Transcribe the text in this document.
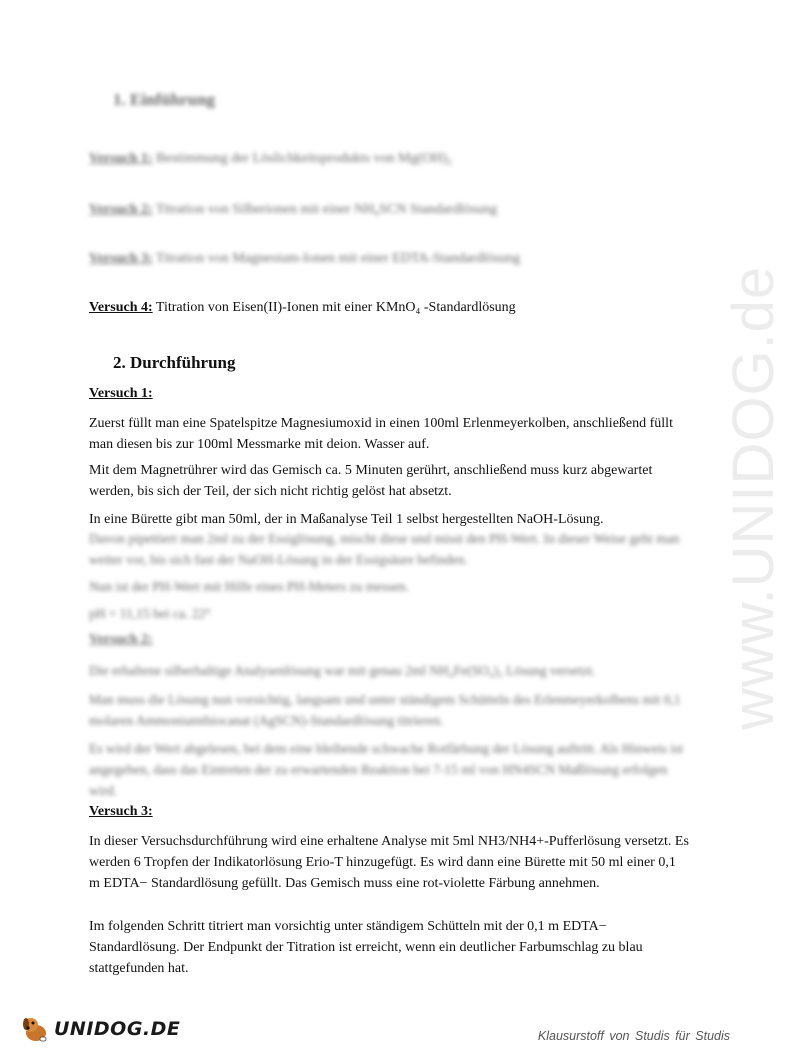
www.UNIDOG.de
1. Einführung
Versuch 1: Bestimmung der Löslichkeitsprodukts von Mg(OH)₂
Versuch 2: Titration von Silberionen mit einer NH₄SCN Standardlösung
Versuch 3: Titration von Magnesium-Ionen mit einer EDTA-Standardlösung
Versuch 4: Titration von Eisen(II)-Ionen mit einer KMnO₄ -Standardlösung
2. Durchführung
Versuch 1:
Zuerst füllt man eine Spatelspitze Magnesiumoxid in einen 100ml Erlenmeyerkolben, anschließend füllt man diesen bis zur 100ml Messmarke mit deion. Wasser auf.
Mit dem Magnetrührer wird das Gemisch ca. 5 Minuten gerührt, anschließend muss kurz abgewartet werden, bis sich der Teil, der sich nicht richtig gelöst hat absetzt.
In eine Bürette gibt man 50ml, der in Maßanalyse Teil 1 selbst hergestellten NaOH-Lösung.
Davon pipettiert man 2ml zu der Essiglösung, mischt diese und misst den PH-Wert. In dieser Weise geht man weiter vor, bis sich fast der NaOH-Lösung in der Essigsäure befinden.
Nun ist der PH-Wert mit Hilfe eines PH-Meters zu messen.
pH = 11,15 bei ca. 22°
Versuch 2:
Die erhaltene silberhaltige Analysenlösung war mit genau 2ml NH₄Fe(SO₄)₂ Lösung versetzt.
Man muss die Lösung nun vorsichtig, langsam und unter ständigem Schütteln des Erlenmeyerkolbens mit 0,1 molaren Ammoniumthiocanat (AgSCN)-Standardlösung titrieren.
Es wird der Wert abgelesen, bei dem eine bleibende schwache Rotfärbung der Lösung auftritt. Als Hinweis ist angegeben, dass das Eintreten der zu erwartenden Reaktion bei 7-15 ml von HN4SCN Maßlösung erfolgen wird.
Versuch 3:
In dieser Versuchsdurchführung wird eine erhaltene Analyse mit 5ml NH3/NH4+-Pufferlösung versetzt. Es werden 6 Tropfen der Indikatorlösung Erio-T hinzugefügt. Es wird dann eine Bürette mit 50 ml einer 0,1 m EDTA− Standardlösung gefüllt. Das Gemisch muss eine rot-violette Färbung annehmen.
Im folgenden Schritt titriert man vorsichtig unter ständigem Schütteln mit der 0,1 m EDTA− Standardlösung. Der Endpunkt der Titration ist erreicht, wenn ein deutlicher Farbumschlag zu blau stattgefunden hat.
UNIDOG.DE	Klausurstoff von Studis für Studis
